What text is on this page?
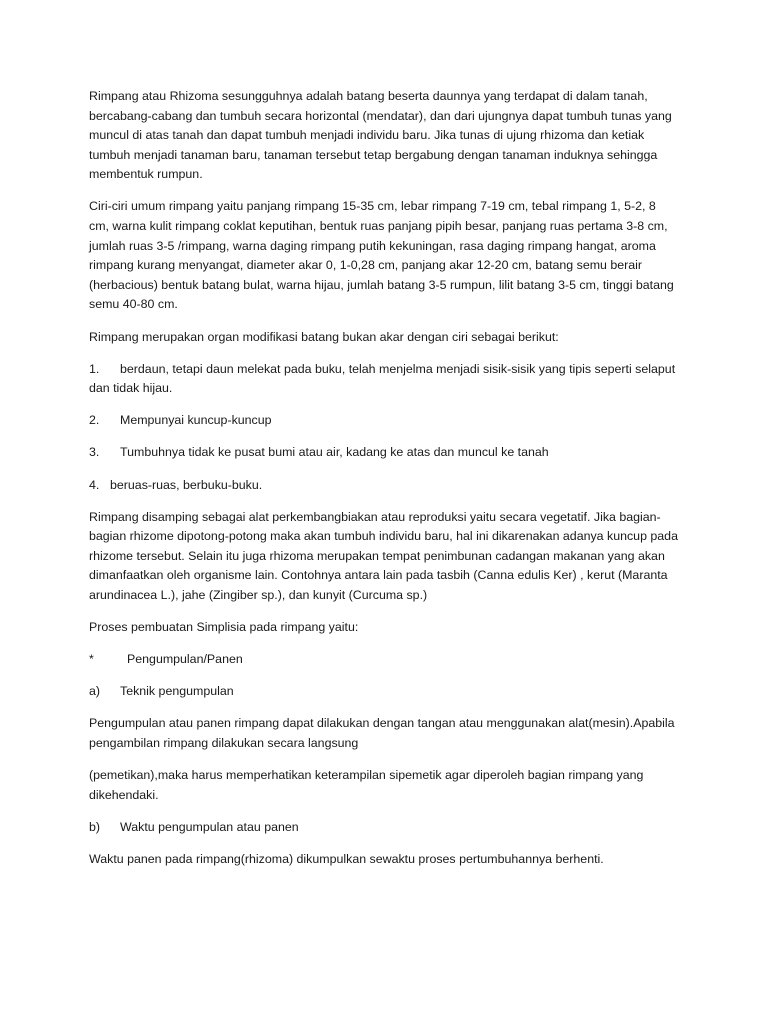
Rimpang atau Rhizoma sesungguhnya adalah batang beserta daunnya yang terdapat di dalam tanah, bercabang-cabang dan tumbuh secara horizontal (mendatar), dan dari ujungnya dapat tumbuh tunas yang muncul di atas tanah dan dapat tumbuh menjadi individu baru. Jika tunas di ujung rhizoma dan ketiak tumbuh menjadi tanaman baru, tanaman tersebut tetap bergabung dengan tanaman induknya sehingga membentuk rumpun.

Ciri-ciri umum rimpang yaitu panjang rimpang 15-35 cm, lebar rimpang 7-19 cm, tebal rimpang 1, 5-2, 8 cm, warna kulit rimpang coklat keputihan, bentuk ruas panjang pipih besar, panjang ruas pertama 3-8 cm, jumlah ruas 3-5 /rimpang, warna daging rimpang putih kekuningan, rasa daging rimpang hangat, aroma rimpang kurang menyangat, diameter akar 0, 1-0,28 cm, panjang akar 12-20 cm, batang semu berair (herbacious) bentuk batang bulat, warna hijau, jumlah batang 3-5 rumpun, lilit batang 3-5 cm, tinggi batang semu 40-80 cm.

Rimpang merupakan organ modifikasi batang bukan akar dengan ciri sebagai berikut:

1. berdaun, tetapi daun melekat pada buku, telah menjelma menjadi sisik-sisik yang tipis seperti selaput dan tidak hijau.
2.	Mempunyai kuncup-kuncup
3.	Tumbuhnya tidak ke pusat bumi atau air, kadang ke atas dan muncul ke tanah
4. beruas-ruas, berbuku-buku.

Rimpang disamping sebagai alat perkembangbiakan atau reproduksi yaitu secara vegetatif. Jika bagian-bagian rhizome dipotong-potong maka akan tumbuh individu baru, hal ini dikarenakan adanya kuncup pada rhizome tersebut. Selain itu juga rhizoma merupakan tempat penimbunan cadangan makanan yang akan dimanfaatkan oleh organisme lain. Contohnya antara lain pada tasbih (Canna edulis Ker) , kerut (Maranta arundinacea L.), jahe (Zingiber sp.), dan kunyit (Curcuma sp.)

Proses pembuatan Simplisia pada rimpang yaitu:

*	Pengumpulan/Panen
a)	Teknik pengumpulan

Pengumpulan atau panen rimpang dapat dilakukan dengan tangan atau menggunakan alat(mesin).Apabila pengambilan rimpang dilakukan secara langsung

(pemetikan),maka harus memperhatikan keterampilan sipemetik agar diperoleh bagian rimpang yang dikehendaki.

b)	Waktu pengumpulan atau panen

Waktu panen pada rimpang(rhizoma) dikumpulkan sewaktu proses pertumbuhannya berhenti.
